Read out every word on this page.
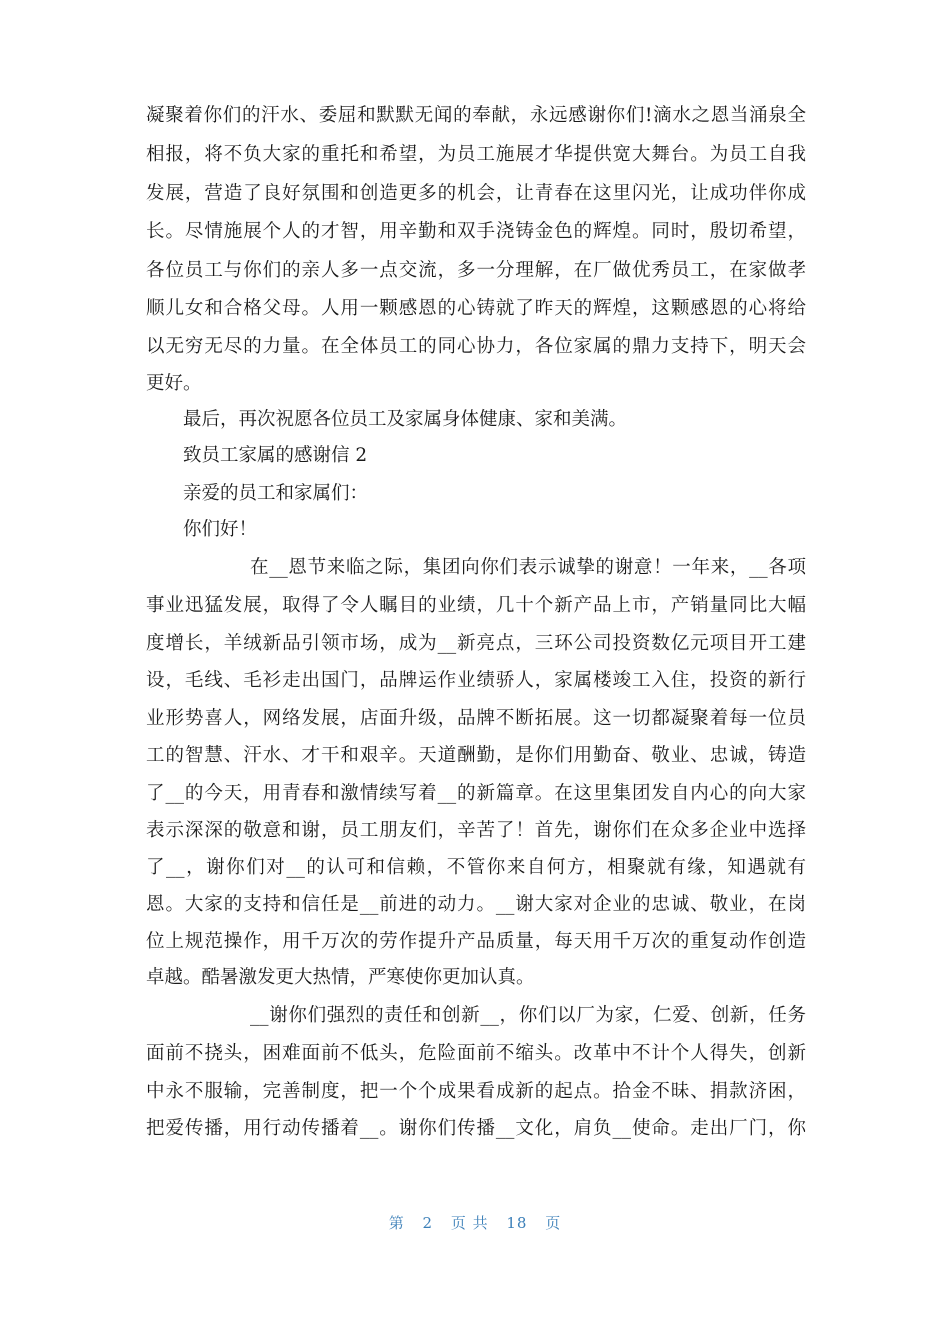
凝聚着你们的汗水、委屈和默默无闻的奉献，永远感谢你们!滴水之恩当涌泉全
相报，将不负大家的重托和希望，为员工施展才华提供宽大舞台。为员工自我
发展，营造了良好氛围和创造更多的机会，让青春在这里闪光，让成功伴你成
长。尽情施展个人的才智，用辛勤和双手浇铸金色的辉煌。同时，殷切希望，
各位员工与你们的亲人多一点交流，多一分理解，在厂做优秀员工，在家做孝
顺儿女和合格父母。人用一颗感恩的心铸就了昨天的辉煌，这颗感恩的心将给
以无穷无尽的力量。在全体员工的同心协力，各位家属的鼎力支持下，明天会
更好。
最后，再次祝愿各位员工及家属身体健康、家和美满。
致员工家属的感谢信 2
亲爱的员工和家属们：
你们好！
在__恩节来临之际，集团向你们表示诚挚的谢意！一年来，__各项
事业迅猛发展，取得了令人瞩目的业绩，几十个新产品上市，产销量同比大幅
度增长，羊绒新品引领市场，成为__新亮点，三环公司投资数亿元项目开工建
设，毛线、毛衫走出国门，品牌运作业绩骄人，家属楼竣工入住，投资的新行
业形势喜人，网络发展，店面升级，品牌不断拓展。这一切都凝聚着每一位员
工的智慧、汗水、才干和艰辛。天道酬勤，是你们用勤奋、敬业、忠诚，铸造
了__的今天，用青春和激情续写着__的新篇章。在这里集团发自内心的向大家
表示深深的敬意和谢，员工朋友们，辛苦了！首先，谢你们在众多企业中选择
了__，谢你们对__的认可和信赖，不管你来自何方，相聚就有缘，知遇就有
恩。大家的支持和信任是__前进的动力。__谢大家对企业的忠诚、敬业，在岗
位上规范操作，用千万次的劳作提升产品质量，每天用千万次的重复动作创造
卓越。酷暑激发更大热情，严寒使你更加认真。
__谢你们强烈的责任和创新__，你们以厂为家，仁爱、创新，任务
面前不挠头，困难面前不低头，危险面前不缩头。改革中不计个人得失，创新
中永不服输，完善制度，把一个个成果看成新的起点。拾金不昧、捐款济困，
把爱传播，用行动传播着__。谢你们传播__文化，肩负__使命。走出厂门，你
第 2 页 共 18 页
